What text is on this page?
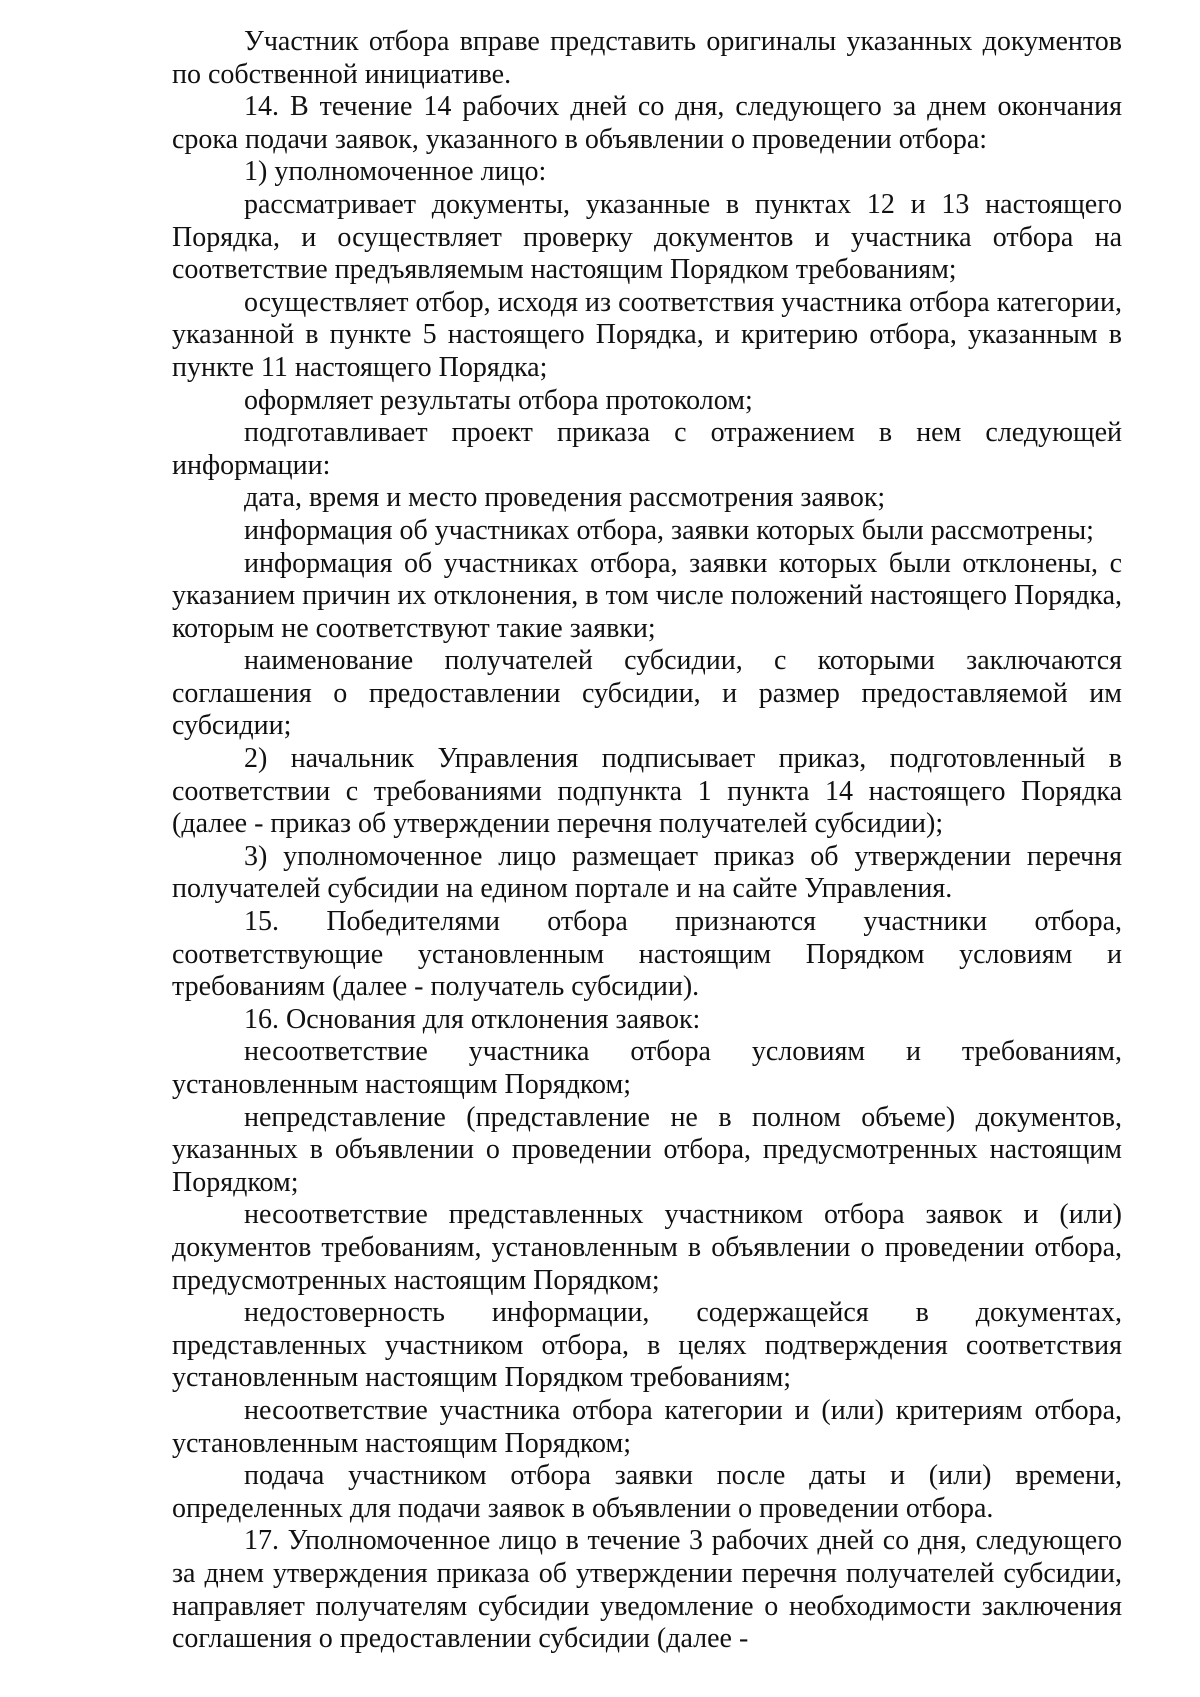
Участник отбора вправе представить оригиналы указанных документов по собственной инициативе.

14. В течение 14 рабочих дней со дня, следующего за днем окончания срока подачи заявок, указанного в объявлении о проведении отбора:

1) уполномоченное лицо:

рассматривает документы, указанные в пунктах 12 и 13 настоящего Порядка, и осуществляет проверку документов и участника отбора на соответствие предъявляемым настоящим Порядком требованиям;

осуществляет отбор, исходя из соответствия участника отбора категории, указанной в пункте 5 настоящего Порядка, и критерию отбора, указанным в пункте 11 настоящего Порядка;

оформляет результаты отбора протоколом;

подготавливает проект приказа с отражением в нем следующей информации:

дата, время и место проведения рассмотрения заявок;

информация об участниках отбора, заявки которых были рассмотрены;

информация об участниках отбора, заявки которых были отклонены, с указанием причин их отклонения, в том числе положений настоящего Порядка, которым не соответствуют такие заявки;

наименование получателей субсидии, с которыми заключаются соглашения о предоставлении субсидии, и размер предоставляемой им субсидии;

2) начальник Управления подписывает приказ, подготовленный в соответствии с требованиями подпункта 1 пункта 14 настоящего Порядка (далее - приказ об утверждении перечня получателей субсидии);

3) уполномоченное лицо размещает приказ об утверждении перечня получателей субсидии на едином портале и на сайте Управления.

15. Победителями отбора признаются участники отбора, соответствующие установленным настоящим Порядком условиям и требованиям (далее - получатель субсидии).

16. Основания для отклонения заявок:

несоответствие участника отбора условиям и требованиям, установленным настоящим Порядком;

непредставление (представление не в полном объеме) документов, указанных в объявлении о проведении отбора, предусмотренных настоящим Порядком;

несоответствие представленных участником отбора заявок и (или) документов требованиям, установленным в объявлении о проведении отбора, предусмотренных настоящим Порядком;

недостоверность информации, содержащейся в документах, представленных участником отбора, в целях подтверждения соответствия установленным настоящим Порядком требованиям;

несоответствие участника отбора категории и (или) критериям отбора, установленным настоящим Порядком;

подача участником отбора заявки после даты и (или) времени, определенных для подачи заявок в объявлении о проведении отбора.

17. Уполномоченное лицо в течение 3 рабочих дней со дня, следующего за днем утверждения приказа об утверждении перечня получателей субсидии, направляет получателям субсидии уведомление о необходимости заключения соглашения о предоставлении субсидии (далее -
